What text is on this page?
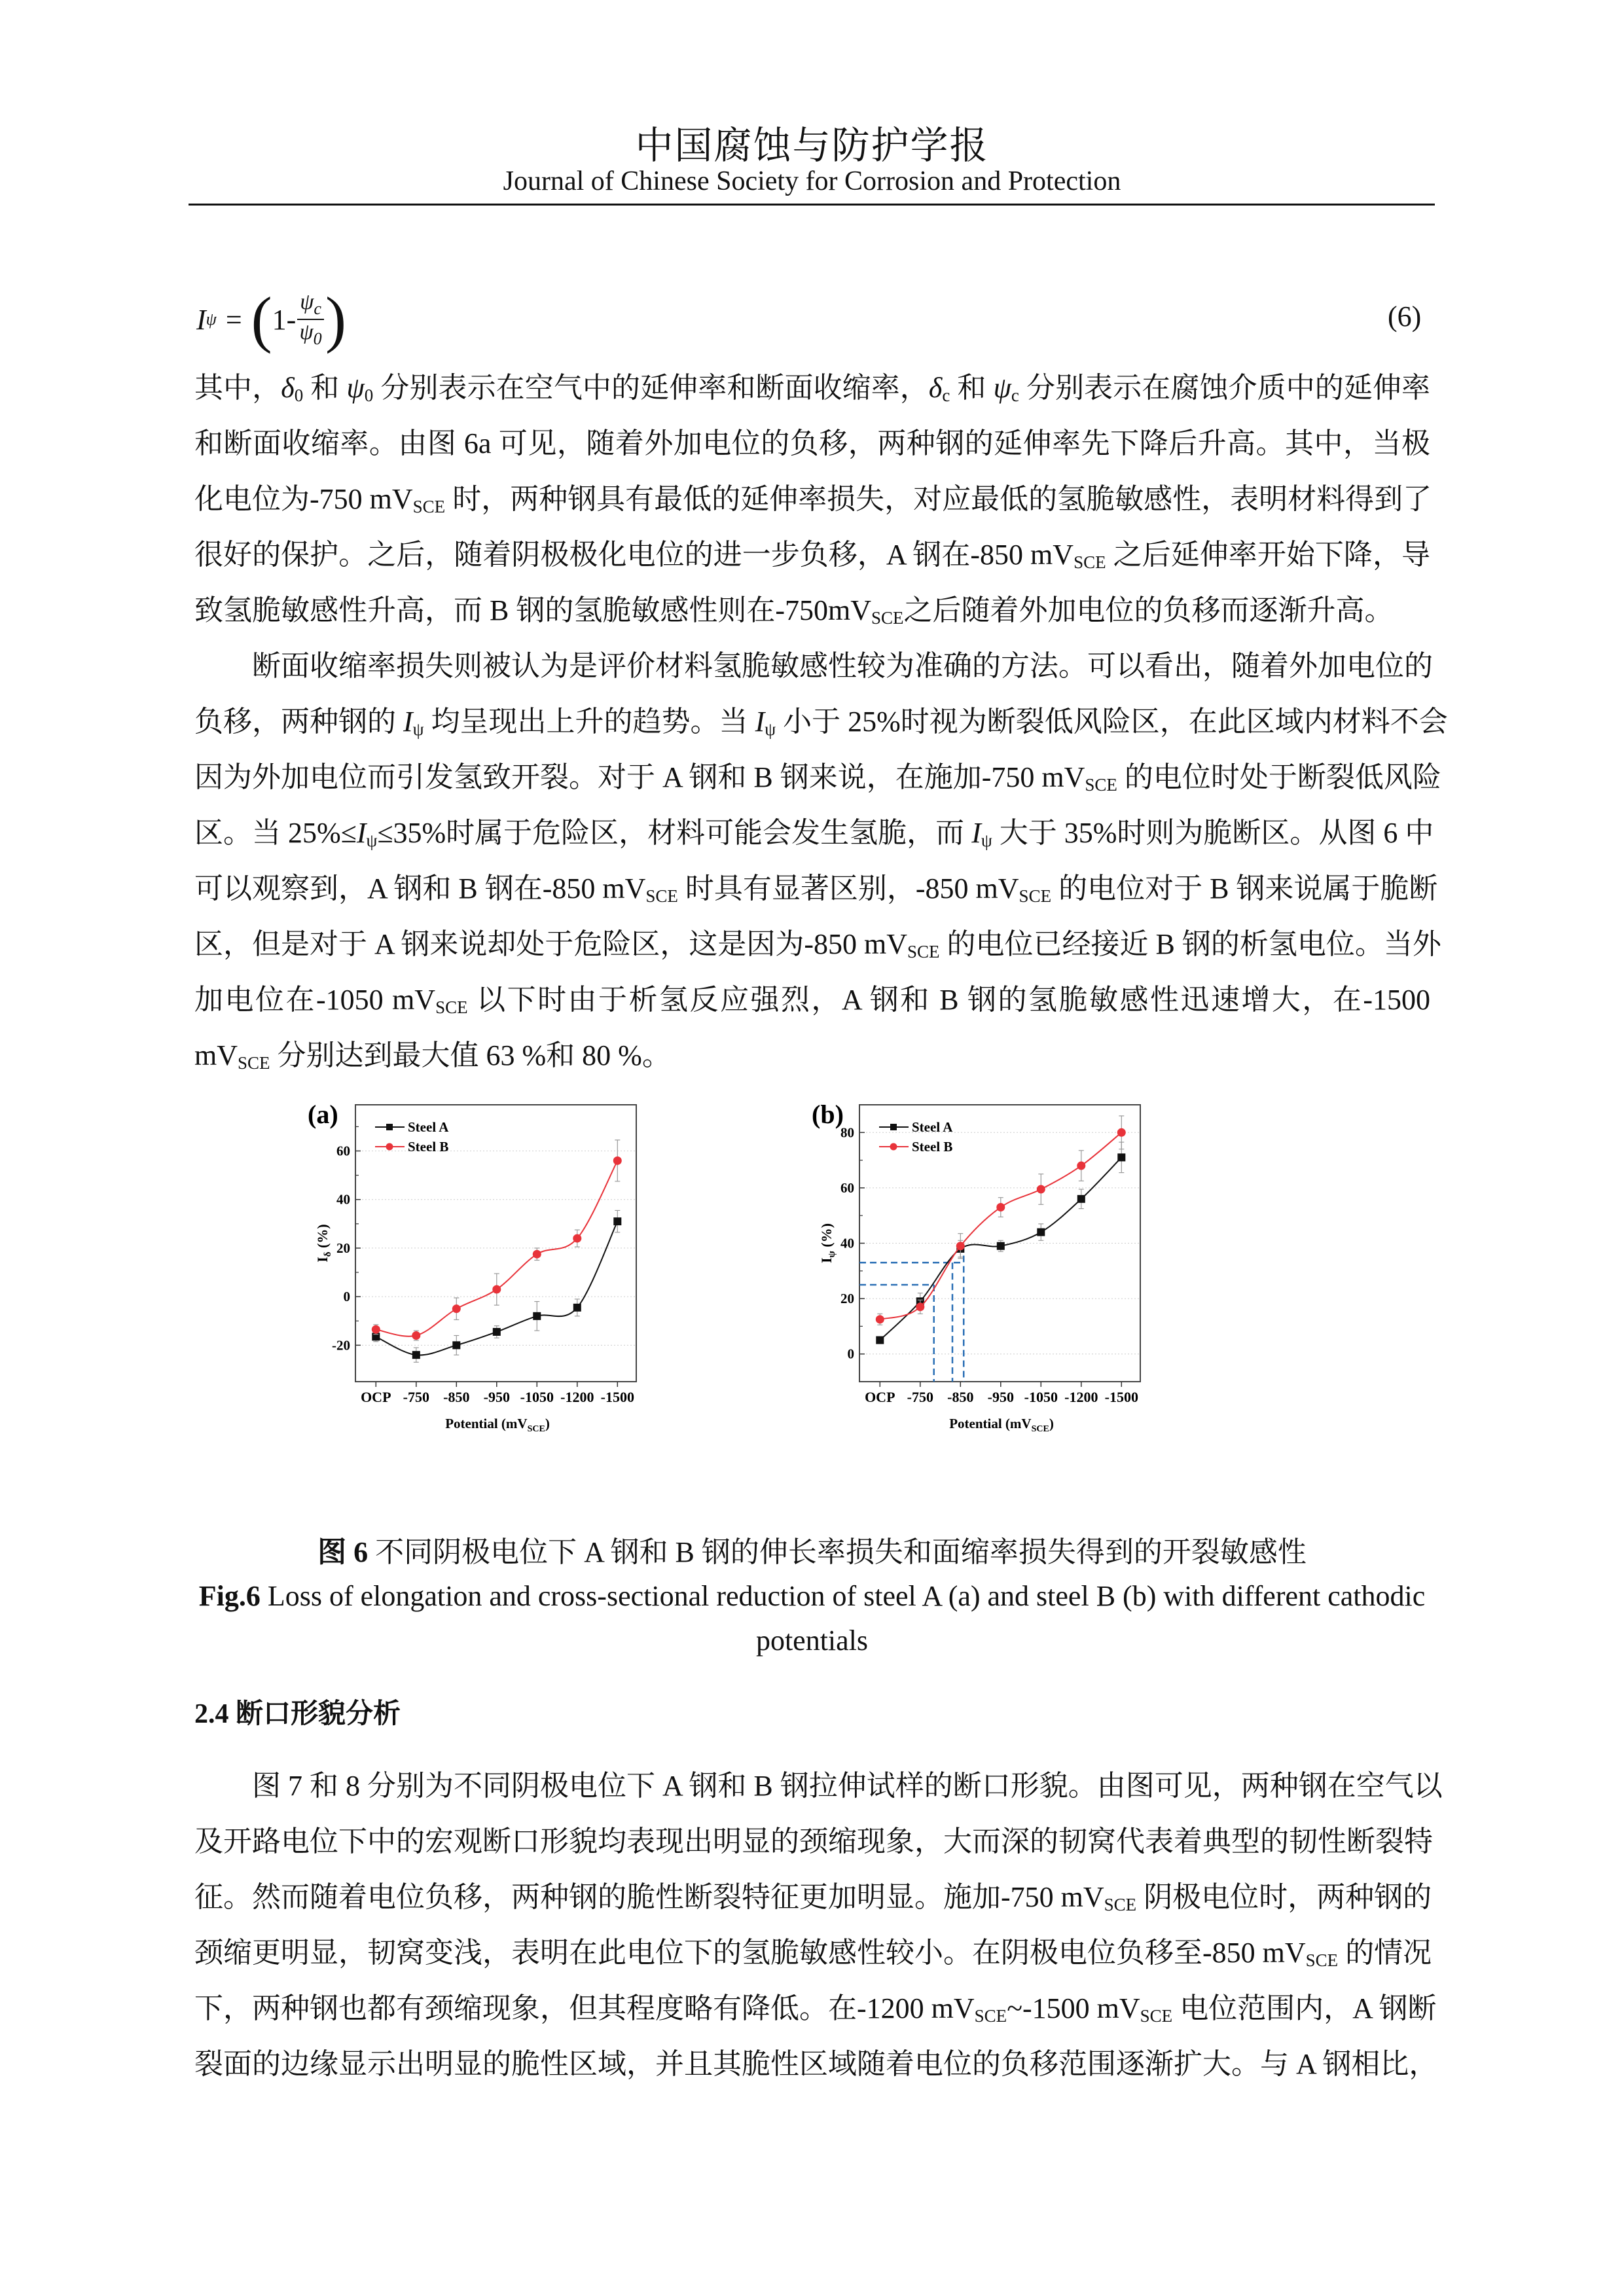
中国腐蚀与防护学报
Journal of Chinese Society for Corrosion and Protection
I ψ = ( $1- \frac{\psi_c}{\psi_0}$ )	(6)
其中，$\delta_0$ 和 $\psi_0$ 分别表示在空气中的延伸率和断面收缩率，$\delta_c$ 和 $\psi_c$ 分别表示在腐蚀介质中的延伸率
和断面收缩率。由图 6a 可见，随着外加电位的负移，两种钢的延伸率先下降后升高。其中，当极
化电位为-750 $mV_{SCE}$ 时，两种钢具有最低的延伸率损失，对应最低的氢脆敏感性，表明材料得到了
很好的保护。之后，随着阴极极化电位的进一步负移，A 钢在-850 $mV_{SCE}$ 之后延伸率开始下降，导
致氢脆敏感性升高，而 B 钢的氢脆敏感性则在$-750mV_{SCE}$之后随着外加电位的负移而逐渐升高。
断面收缩率损失则被认为是评价材料氢脆敏感性较为准确的方法。可以看出，随着外加电位的
负移，两种钢的 $I_\psi$ 均呈现出上升的趋势。当 $I_\psi$ 小于 25%时视为断裂低风险区，在此区域内材料不会
因为外加电位而引发氢致开裂。对于 A 钢和 B 钢来说，在施加-750 $mV_{SCE}$ 的电位时处于断裂低风险
区。当 $25\%\le I_\psi\le 35\%$时属于危险区，材料可能会发生氢脆，而 $I_\psi$ 大于 35%时则为脆断区。从图 6 中
可以观察到，A 钢和 B 钢在-850 $mV_{SCE}$ 时具有显著区别，-850 $mV_{SCE}$ 的电位对于 B 钢来说属于脆断
区，但是对于 A 钢来说却处于危险区，这是因为-850 $mV_{SCE}$ 的电位已经接近 B 钢的析氢电位。当外
加电位在-1050 $mV_{SCE}$ 以下时由于析氢反应强烈，A 钢和 B 钢的氢脆敏感性迅速增大，在-1500
$mV_{SCE}$ 分别达到最大值 63 %和 80 %。
-20
0
20
40
60
OCP -750 -850 -950 -1050 -1200 -1500
Steel A
Steel B
(a)
Potential $(mV_{SCE})$
$I_\delta$ (%)
0
20
40
60
80
OCP -750 -850 -950 -1050 -1200 -1500
Steel A
Steel B
(b)
Potential $(mV_{SCE})$
$I_\psi$ (%)
图 6 不同阴极电位下 A 钢和 B 钢的伸长率损失和面缩率损失得到的开裂敏感性
Fig.6 Loss of elongation and cross-sectional reduction of steel A (a) and steel B (b) with different cathodic
potentials
2.4 断口形貌分析
图 7 和 8 分别为不同阴极电位下 A 钢和 B 钢拉伸试样的断口形貌。由图可见，两种钢在空气以
及开路电位下中的宏观断口形貌均表现出明显的颈缩现象，大而深的韧窝代表着典型的韧性断裂特
征。然而随着电位负移，两种钢的脆性断裂特征更加明显。施加-750 $mV_{SCE}$ 阴极电位时，两种钢的
颈缩更明显，韧窝变浅，表明在此电位下的氢脆敏感性较小。在阴极电位负移至-850 $mV_{SCE}$ 的情况
下，两种钢也都有颈缩现象，但其程度略有降低。在-1200 $mV_{SCE}\sim-1500$ $mV_{SCE}$ 电位范围内，A 钢断
裂面的边缘显示出明显的脆性区域，并且其脆性区域随着电位的负移范围逐渐扩大。与 A 钢相比，
